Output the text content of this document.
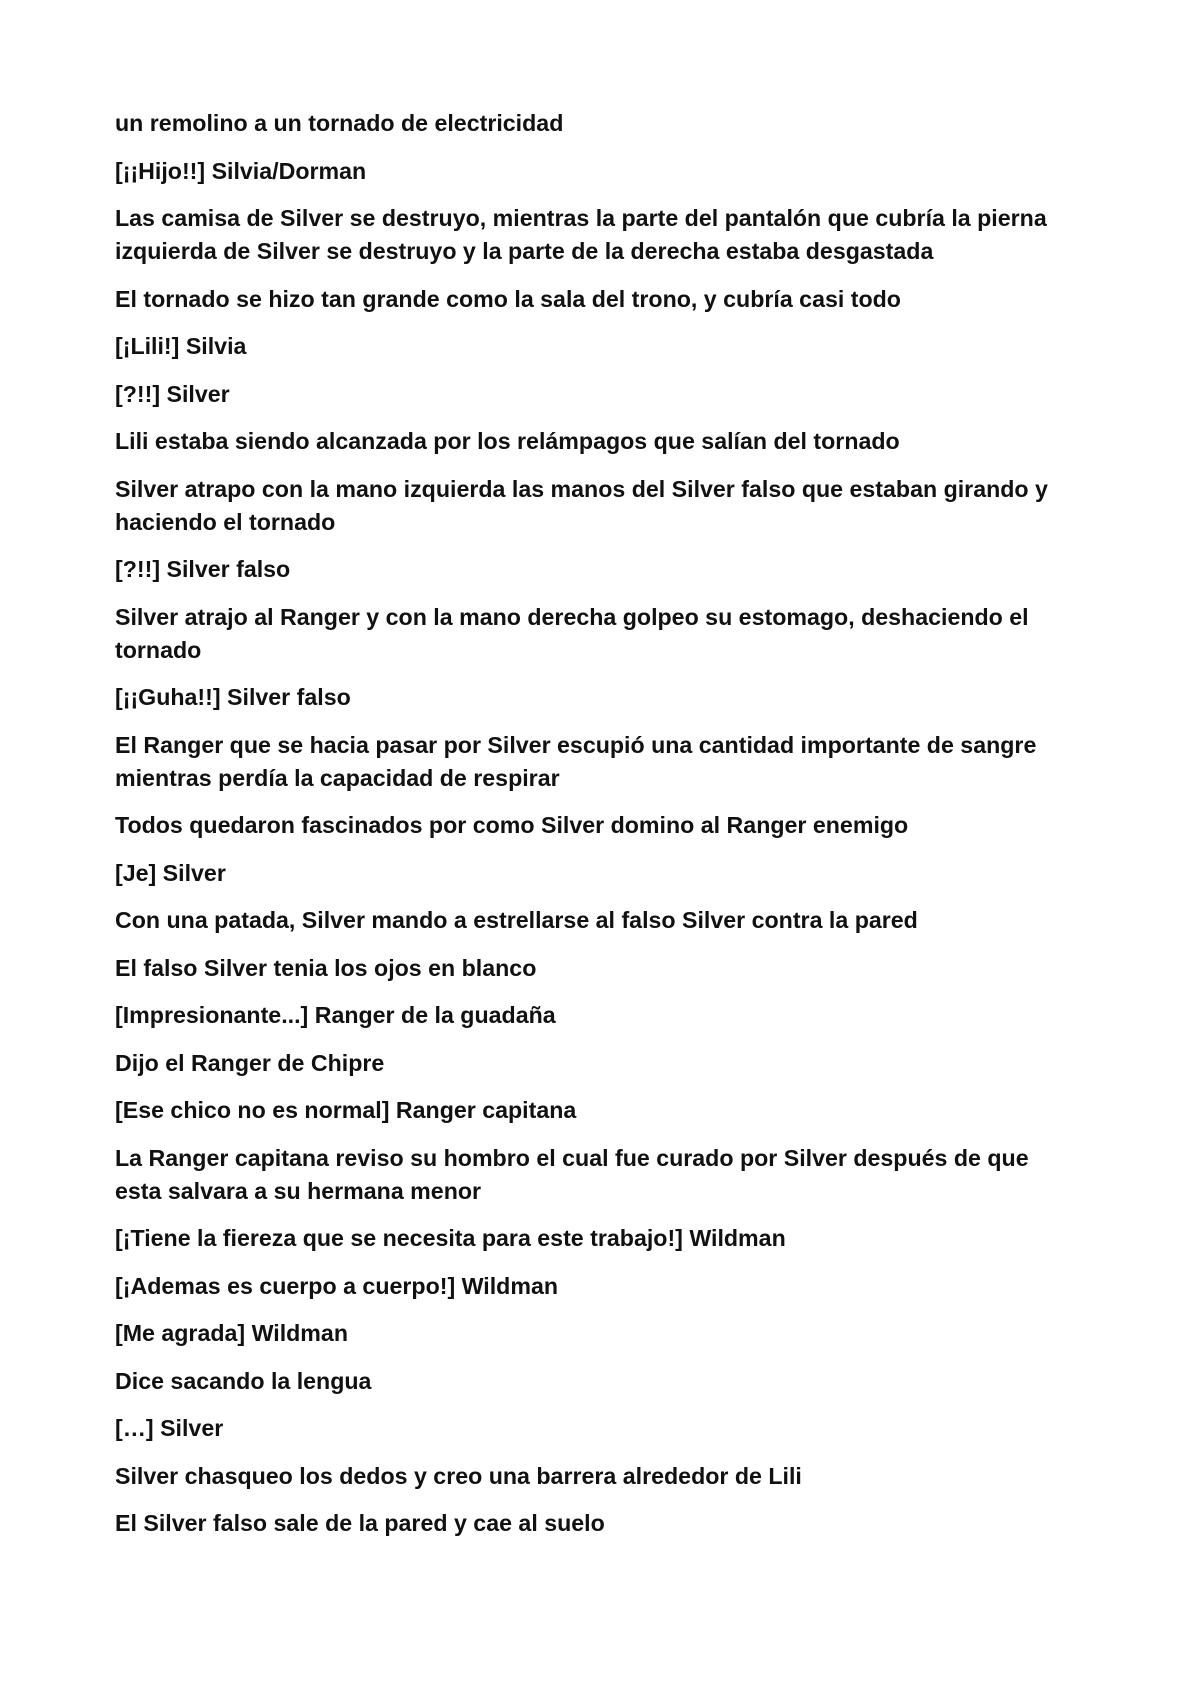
un remolino a un tornado de electricidad

[¡¡Hijo!!] Silvia/Dorman

Las camisa de Silver se destruyo, mientras la parte del pantalón que cubría la pierna izquierda de Silver se destruyo y la parte de la derecha estaba desgastada

El tornado se hizo tan grande como la sala del trono, y cubría casi todo

[¡Lili!] Silvia

[?!!] Silver

Lili estaba siendo alcanzada por los relámpagos que salían del tornado

Silver atrapo con la mano izquierda las manos del Silver falso que estaban girando y haciendo el tornado

[?!!] Silver falso

Silver atrajo al Ranger y con la mano derecha golpeo su estomago, deshaciendo el tornado

[¡¡Guha!!] Silver falso

El Ranger que se hacia pasar por Silver escupió una cantidad importante de sangre mientras perdía la capacidad de respirar

Todos quedaron fascinados por como Silver domino al Ranger enemigo

[Je] Silver

Con una patada, Silver mando a estrellarse al falso Silver contra la pared

El falso Silver tenia los ojos en blanco

[Impresionante...] Ranger de la guadaña

Dijo el Ranger de Chipre

[Ese chico no es normal] Ranger capitana

La Ranger capitana reviso su hombro el cual fue curado por Silver después de que esta salvara a su hermana menor

[¡Tiene la fiereza que se necesita para este trabajo!] Wildman

[¡Ademas es cuerpo a cuerpo!] Wildman

[Me agrada] Wildman

Dice sacando la lengua

[…] Silver

Silver chasqueo los dedos y creo una barrera alrededor de Lili

El Silver falso sale de la pared y cae al suelo
